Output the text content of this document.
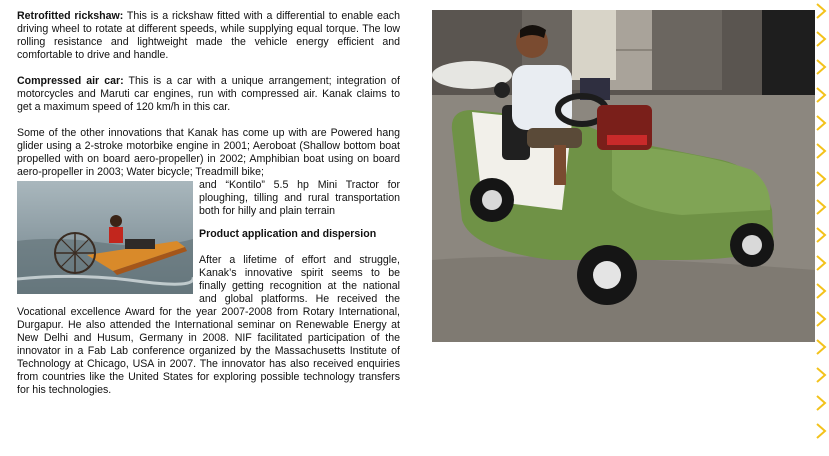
Retrofitted rickshaw: This is a rickshaw fitted with a differential to enable each driving wheel to rotate at different speeds, while supplying equal torque. The low rolling resistance and lightweight made the vehicle energy efficient and comfortable to drive and handle.

Compressed air car: This is a car with a unique arrangement; integration of motorcycles and Maruti car engines, run with compressed air. Kanak claims to get a maximum speed of 120 km/h in this car.

Some of the other innovations that Kanak has come up with are Powered hang glider using a 2-stroke motorbike engine in 2001; Aeroboat (Shallow bottom boat propelled with on board aero-propeller) in 2002; Amphibian boat using on board aero-propeller in 2003; Water bicycle; Treadmill bike;

and “Kontilo” 5.5 hp Mini Tractor for ploughing, tilling and rural transportation both for hilly and plain terrain

Product application and dispersion

After a lifetime of effort and struggle, Kanak’s innovative spirit seems to be finally getting recognition at the national and global platforms. He received the Vocational excellence Award for the year 2007-2008 from Rotary International, Durgapur. He also attended the International seminar on Renewable Energy at New Delhi and Husum, Germany in 2008. NIF facilitated participation of the innovator in a Fab Lab conference organized by the Massachusetts Institute of Technology at Chicago, USA in 2007. The innovator has also received enquiries from countries like the United States for exploring possible technology transfers for his technologies.
